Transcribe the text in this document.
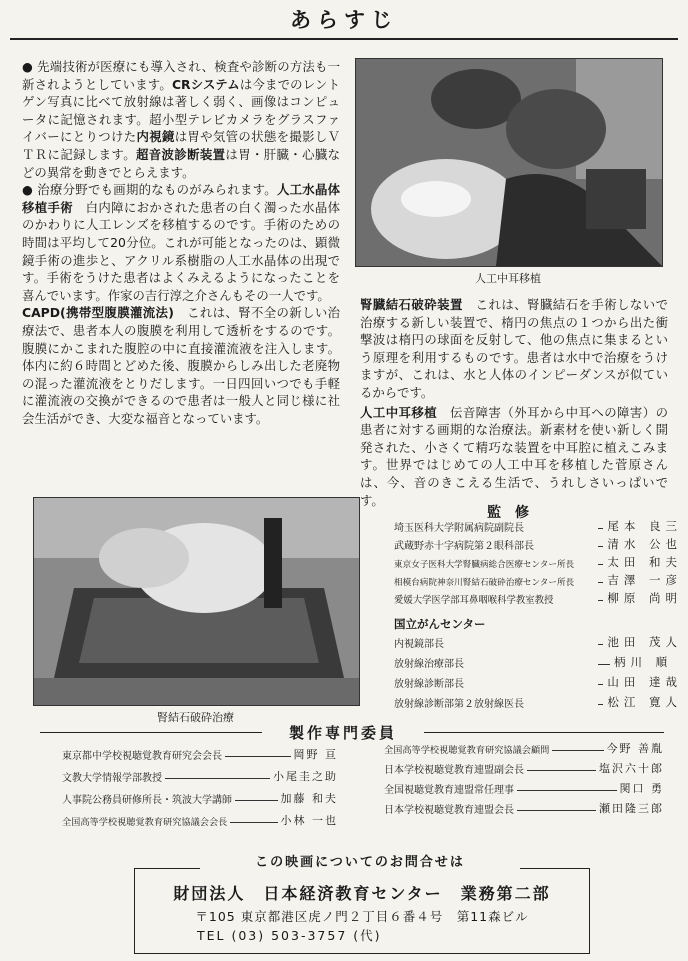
あらすじ

● 先端技術が医療にも導入され、検査や診断の方法も一新されようとしています。CRシステムは今までのレントゲン写真に比べて放射線は著しく弱く、画像はコンピュータに記憶されます。超小型テレビカメラをグラスファイバーにとりつけた内視鏡は胃や気管の状態を撮影しＶＴＲに記録します。超音波診断装置は胃・肝臓・心臓などの異常を動きでとらえます。

● 治療分野でも画期的なものがみられます。人工水晶体移植手術　白内障におかされた患者の白く濁った水晶体のかわりに人工レンズを移植するのです。手術のための時間は平均して20分位。これが可能となったのは、顕微鏡手術の進歩と、アクリル系樹脂の人工水晶体の出現です。手術をうけた患者はよくみえるようになったことを喜んでいます。作家の吉行淳之介さんもその一人です。

CAPD(携帯型腹膜灌流法)　これは、腎不全の新しい治療法で、患者本人の腹膜を利用して透析をするのです。腹膜にかこまれた腹腔の中に直接灌流液を注入します。体内に約６時間とどめた後、腹膜からしみ出した老廃物の混った灌流液をとりだします。一日四回いつでも手軽に灌流液の交換ができるので患者は一般人と同じ様に社会生活ができ、大変な福音となっています。

人工中耳移植

腎臓結石破砕装置　これは、腎臓結石を手術しないで治療する新しい装置で、楕円の焦点の１つから出た衝撃波は楕円の球面を反射して、他の焦点に集まるという原理を利用するものです。患者は水中で治療をうけますが、これは、水と人体のインピーダンスが似ているからです。

人工中耳移植　伝音障害（外耳から中耳への障害）の患者に対する画期的な治療法。新素材を使い新しく開発された、小さくて精巧な装置を中耳腔に植えこみます。世界ではじめての人工中耳を移植した菅原さんは、今、音のきこえる生活で、うれしさいっぱいです。

腎結石破砕治療
監修
埼玉医科大学附属病院副院長	尾本 良三
武蔵野赤十字病院第２眼科部長	清水 公也
東京女子医科大学腎臓病総合医療センター所長	太田 和夫
相模台病院神奈川腎結石破砕治療センター所長	吉澤 一彦
愛媛大学医学部耳鼻咽喉科学教室教授	柳原 尚明
国立がんセンター
内視鏡部長	池田 茂人
放射線治療部長	柄川 順
放射線診断部長	山田 達哉
放射線診断部第２放射線医長	松江 寛人
製作専門委員
東京都中学校視聴覚教育研究会会長	岡野 亘
文教大学情報学部教授	小尾圭之助
人事院公務員研修所長・筑波大学講師	加藤 和夫
全国高等学校視聴覚教育研究協議会会長	小林 一也
全国高等学校視聴覚教育研究協議会顧問	今野 善胤
日本学校視聴覚教育連盟副会長	塩沢六十郎
全国視聴覚教育連盟常任理事	関口 勇
日本学校視聴覚教育連盟会長	瀬田隆三郎
財団法人　日本経済教育センター　業務第二部
〒105 東京都港区虎ノ門２丁目６番４号　第11森ビル
TEL (03) 503-3757 (代)
この映画についてのお問合せは
